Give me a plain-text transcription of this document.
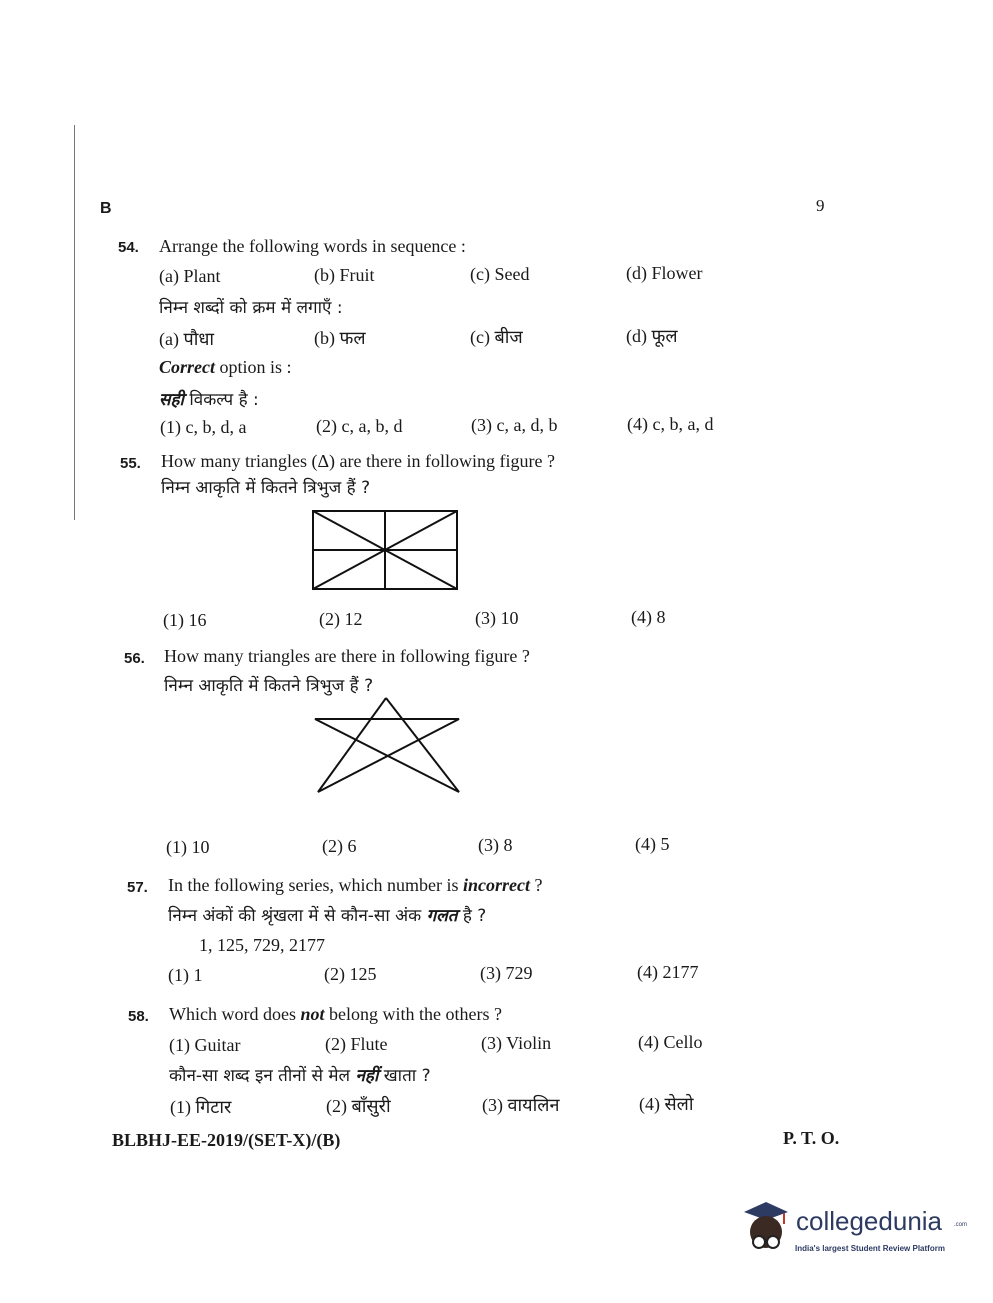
B	9
54. Arrange the following words in sequence :
(a) Plant	(b) Fruit	(c) Seed	(d) Flower
निम्न शब्दों को क्रम में लगाएँ :
(a) पौधा	(b) फल	(c) बीज	(d) फूल
Correct option is :
सही विकल्प है :
(1) c, b, d, a	(2) c, a, b, d	(3) c, a, d, b	(4) c, b, a, d
55. How many triangles (Δ) are there in following figure ?
निम्न आकृति में कितने त्रिभुज हैं ?
(1) 16	(2) 12	(3) 10	(4) 8
56. How many triangles are there in following figure ?
निम्न आकृति में कितने त्रिभुज हैं ?
(1) 10	(2) 6	(3) 8	(4) 5
57. In the following series, which number is incorrect ?
निम्न अंकों की श्रृंखला में से कौन-सा अंक गलत है ?
1, 125, 729, 2177
(1) 1	(2) 125	(3) 729	(4) 2177
58. Which word does not belong with the others ?
(1) Guitar	(2) Flute	(3) Violin	(4) Cello
कौन-सा शब्द इन तीनों से मेल नहीं खाता ?
(1) गिटार	(2) बाँसुरी	(3) वायलिन	(4) सेलो
BLBHJ-EE-2019/(SET-X)/(B)	P. T. O.
collegedunia .com
India's largest Student Review Platform
